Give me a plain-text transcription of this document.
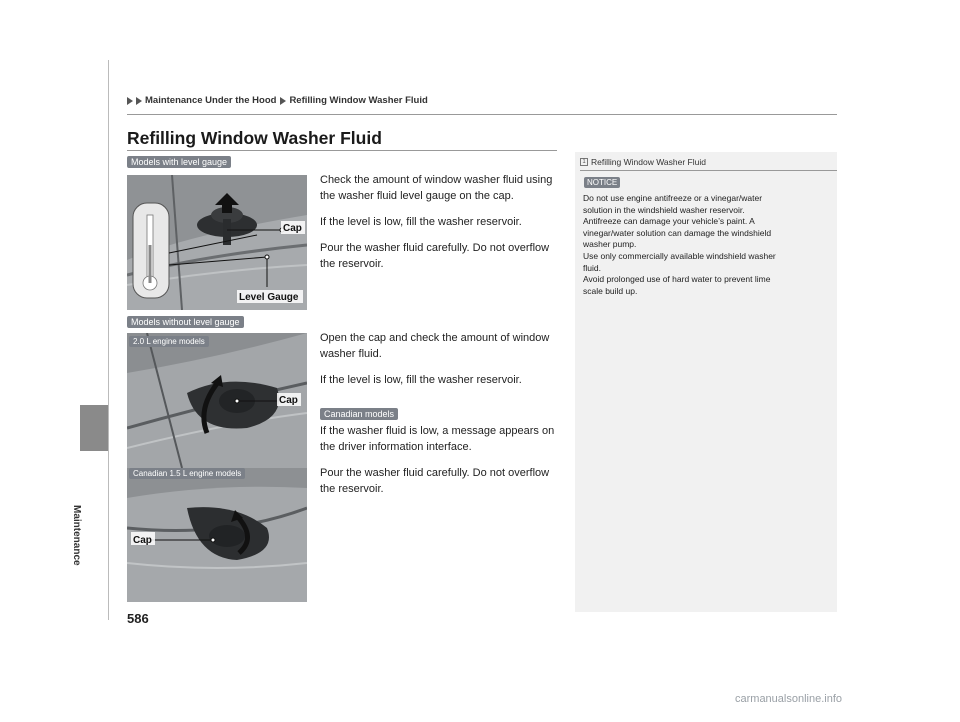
Maintenance
Maintenance Under the Hood Refilling Window Washer Fluid
Refilling Window Washer Fluid
Models with level gauge
Cap
Level Gauge

Check the amount of window washer fluid using the washer fluid level gauge on the cap.

If the level is low, fill the washer reservoir.

Pour the washer fluid carefully. Do not overflow the reservoir.

Models without level gauge
Cap
2.0 L engine models
Cap
Canadian 1.5 L engine models

Open the cap and check the amount of window washer fluid.

If the level is low, fill the washer reservoir.

Canadian models

If the washer fluid is low, a message appears on the driver information interface.

Pour the washer fluid carefully. Do not overflow the reservoir.

1 Refilling Window Washer Fluid
NOTICE
Do not use engine antifreeze or a vinegar/water
solution in the windshield washer reservoir.
Antifreeze can damage your vehicle’s paint. A
vinegar/water solution can damage the windshield
washer pump.
Use only commercially available windshield washer
fluid.
Avoid prolonged use of hard water to prevent lime
scale build up.
586
carmanualsonline.info
